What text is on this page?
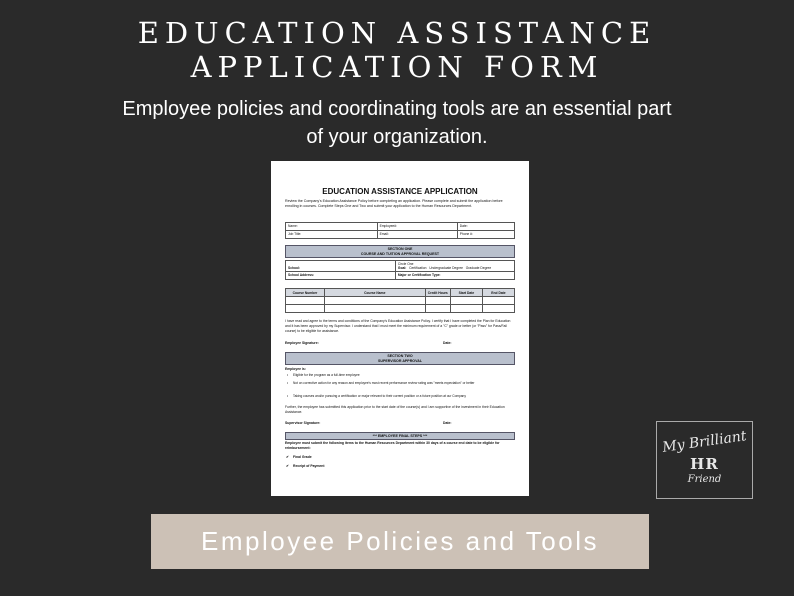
EDUCATION ASSISTANCE
APPLICATION FORM
Employee policies and coordinating tools are an essential part
of your organization.
EDUCATION ASSISTANCE APPLICATION
Review the Company's Education Assistance Policy before completing an application. Please complete and submit the application before enrolling in courses. Complete Steps One and Two and submit your application to the Human Resources Department.
Name:	Employee#:	Date:
Job Title:	Email:	Phone #:
SECTION ONE
COURSE AND TUITION APPROVAL REQUEST
School:	Circle One
Goal: Certification Undergraduate Degree Graduate Degree
School Address:	Major or Certification Type:
Course Number	Course Name	Credit Hours	Start Date	End Date

I have read and agree to the terms and conditions of the Company's Education Assistance Policy. I certify that I have completed the Plan for Education and it has been approved by my Supervisor. I understand that I must meet the minimum requirement of a "C" grade or better (or "Pass" for Pass/Fail course) to be eligible for assistance.
Employee Signature:	Date:
SECTION TWO
SUPERVISOR APPROVAL
Employee is:
• Eligible for the program as a full-time employee
• Not on corrective action for any reason and employee's most recent performance review rating was "meets expectation" or better
• Taking courses and/or pursuing a certification or major relevant to their current position or a future position at our Company
Further, the employee has submitted this application prior to the start date of the course(s) and I am supportive of the investment in their Education Assistance.
Supervisor Signature:	Date:
*** EMPLOYEE FINAL STEPS ***
Employee must submit the following items to the Human Resources Department within 30 days of a course end date to be eligible for reimbursement:
✔ Final Grade
✔ Receipt of Payment
My Brilliant
HR
Friend
Employee Policies and Tools
